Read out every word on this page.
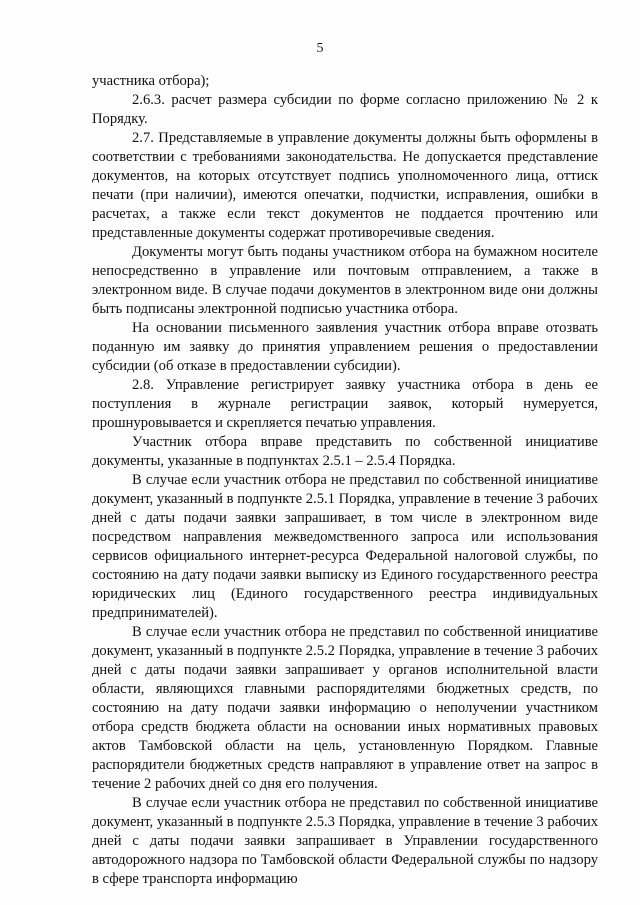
5

участника отбора);

2.6.3. расчет размера субсидии по форме согласно приложению № 2 к Порядку.

2.7. Представляемые в управление документы должны быть оформлены в соответствии с требованиями законодательства. Не допускается представление документов, на которых отсутствует подпись уполномоченного лица, оттиск печати (при наличии), имеются опечатки, подчистки, исправления, ошибки в расчетах, а также если текст документов не поддается прочтению или представленные документы содержат противоречивые сведения.

Документы могут быть поданы участником отбора на бумажном носителе непосредственно в управление или почтовым отправлением, а также в электронном виде. В случае подачи документов в электронном виде они должны быть подписаны электронной подписью участника отбора.

На основании письменного заявления участник отбора вправе отозвать поданную им заявку до принятия управлением решения о предоставлении субсидии (об отказе в предоставлении субсидии).

2.8. Управление регистрирует заявку участника отбора в день ее поступления в журнале регистрации заявок, который нумеруется, прошнуровывается и скрепляется печатью управления.

Участник отбора вправе представить по собственной инициативе документы, указанные в подпунктах 2.5.1 – 2.5.4 Порядка.

В случае если участник отбора не представил по собственной инициативе документ, указанный в подпункте 2.5.1 Порядка, управление в течение 3 рабочих дней с даты подачи заявки запрашивает, в том числе в электронном виде посредством направления межведомственного запроса или использования сервисов официального интернет-ресурса Федеральной налоговой службы, по состоянию на дату подачи заявки выписку из Единого государственного реестра юридических лиц (Единого государственного реестра индивидуальных предпринимателей).

В случае если участник отбора не представил по собственной инициативе документ, указанный в подпункте 2.5.2 Порядка, управление в течение 3 рабочих дней с даты подачи заявки запрашивает у органов исполнительной власти области, являющихся главными распорядителями бюджетных средств, по состоянию на дату подачи заявки информацию о неполучении участником отбора средств бюджета области на основании иных нормативных правовых актов Тамбовской области на цель, установленную Порядком. Главные распорядители бюджетных средств направляют в управление ответ на запрос в течение 2 рабочих дней со дня его получения.

В случае если участник отбора не представил по собственной инициативе документ, указанный в подпункте 2.5.3 Порядка, управление в течение 3 рабочих дней с даты подачи заявки запрашивает в Управлении государственного автодорожного надзора по Тамбовской области Федеральной службы по надзору в сфере транспорта информацию
